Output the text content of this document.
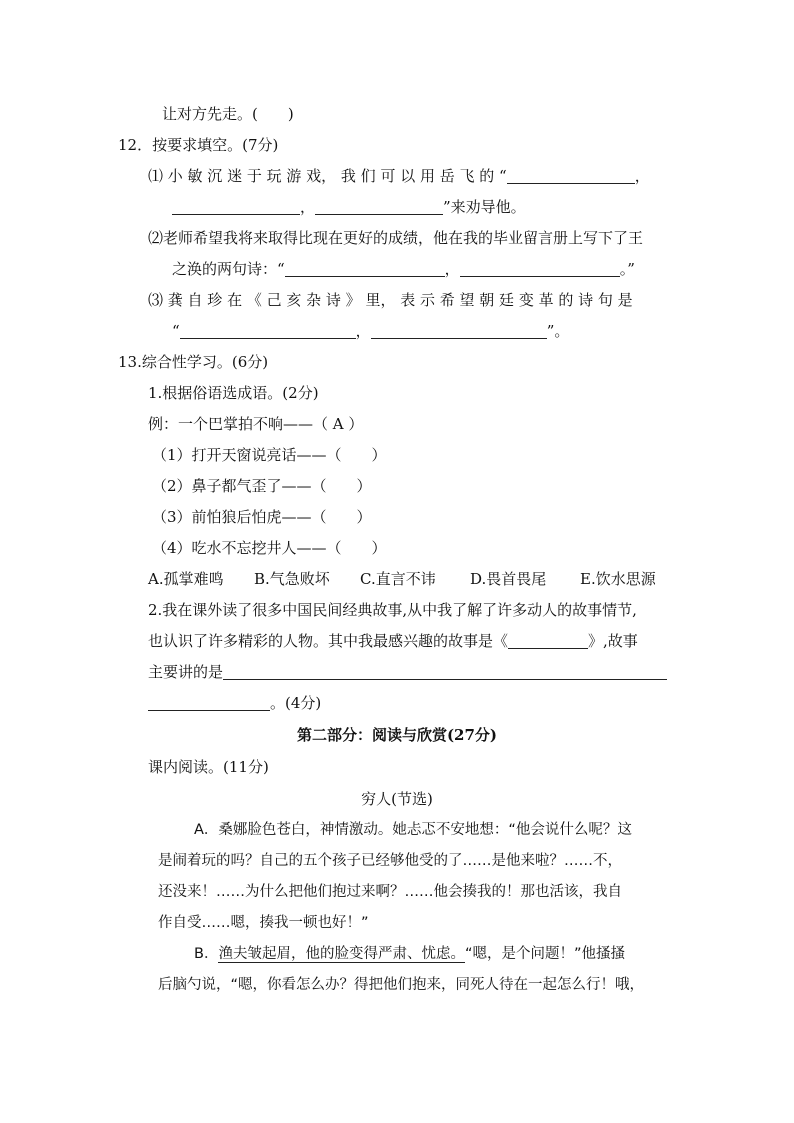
让对方先走。(　　)
12．按要求填空。(7分)
⑴ 小 敏 沉 迷 于 玩 游 戏， 我 们 可 以 用 岳 飞 的 “	，
，	”来劝导他。
⑵老师希望我将来取得比现在更好的成绩，他在我的毕业留言册上写下了王
之涣的两句诗：“	，	。”
⑶ 龚 自 珍 在 《 己 亥 杂 诗 》 里， 表 示 希 望 朝 廷 变 革 的 诗 句 是
“	，	”。
13.综合性学习。(6分)
1.根据俗语选成语。(2分)
例：一个巴掌拍不响——（ A ）
（1）打开天窗说亮话——（　　）
（2）鼻子都气歪了——（　　）
（3）前怕狼后怕虎——（　　）
（4）吃水不忘挖井人——（　　）
A.孤掌难鸣 B.气急败坏 C.直言不讳 D.畏首畏尾 E.饮水思源
2.我在课外读了很多中国民间经典故事,从中我了解了许多动人的故事情节,
也认识了许多精彩的人物。其中我最感兴趣的故事是《	》,故事
主要讲的是
。(4分)
第二部分：阅读与欣赏(27分)
课内阅读。(11分)
穷人(节选)
A．桑娜脸色苍白，神情激动。她忐忑不安地想：“他会说什么呢？这
是闹着玩的吗？自己的五个孩子已经够他受的了……是他来啦？……不，
还没来！……为什么把他们抱过来啊？……他会揍我的！那也活该，我自
作自受……嗯，揍我一顿也好！”
B．渔夫皱起眉，他的脸变得严肃、忧虑。“嗯，是个问题！”他搔搔
后脑勺说，“嗯，你看怎么办？得把他们抱来，同死人待在一起怎么行！哦，
